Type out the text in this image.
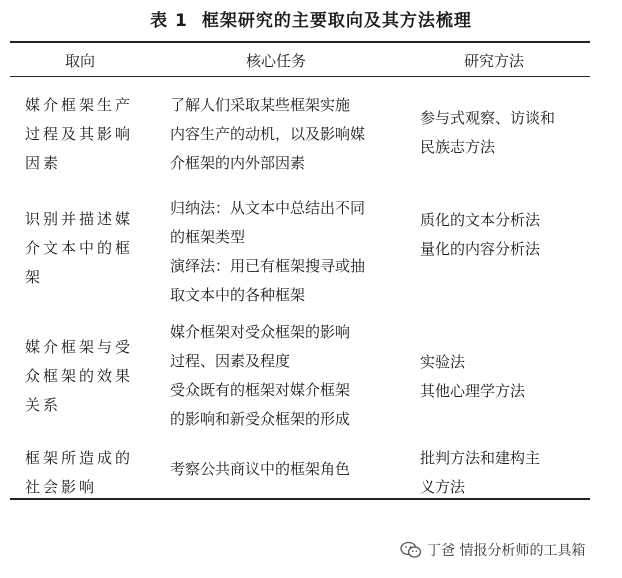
表 1 框架研究的主要取向及其方法梳理
取向	核心任务	研究方法
媒介框架生产
过程及其影响
因素
了解人们采取某些框架实施
内容生产的动机，以及影响媒
介框架的内外部因素
参与式观察、访谈和
民族志方法
识别并描述媒
介文本中的框
架
归纳法：从文本中总结出不同
的框架类型
演绎法：用已有框架搜寻或抽
取文本中的各种框架
质化的文本分析法
量化的内容分析法
媒介框架与受
众框架的效果
关系
媒介框架对受众框架的影响
过程、因素及程度
受众既有的框架对媒介框架
的影响和新受众框架的形成
实验法
其他心理学方法
框架所造成的
社会影响
考察公共商议中的框架角色
批判方法和建构主
义方法
丁爸 情报分析师的工具箱
